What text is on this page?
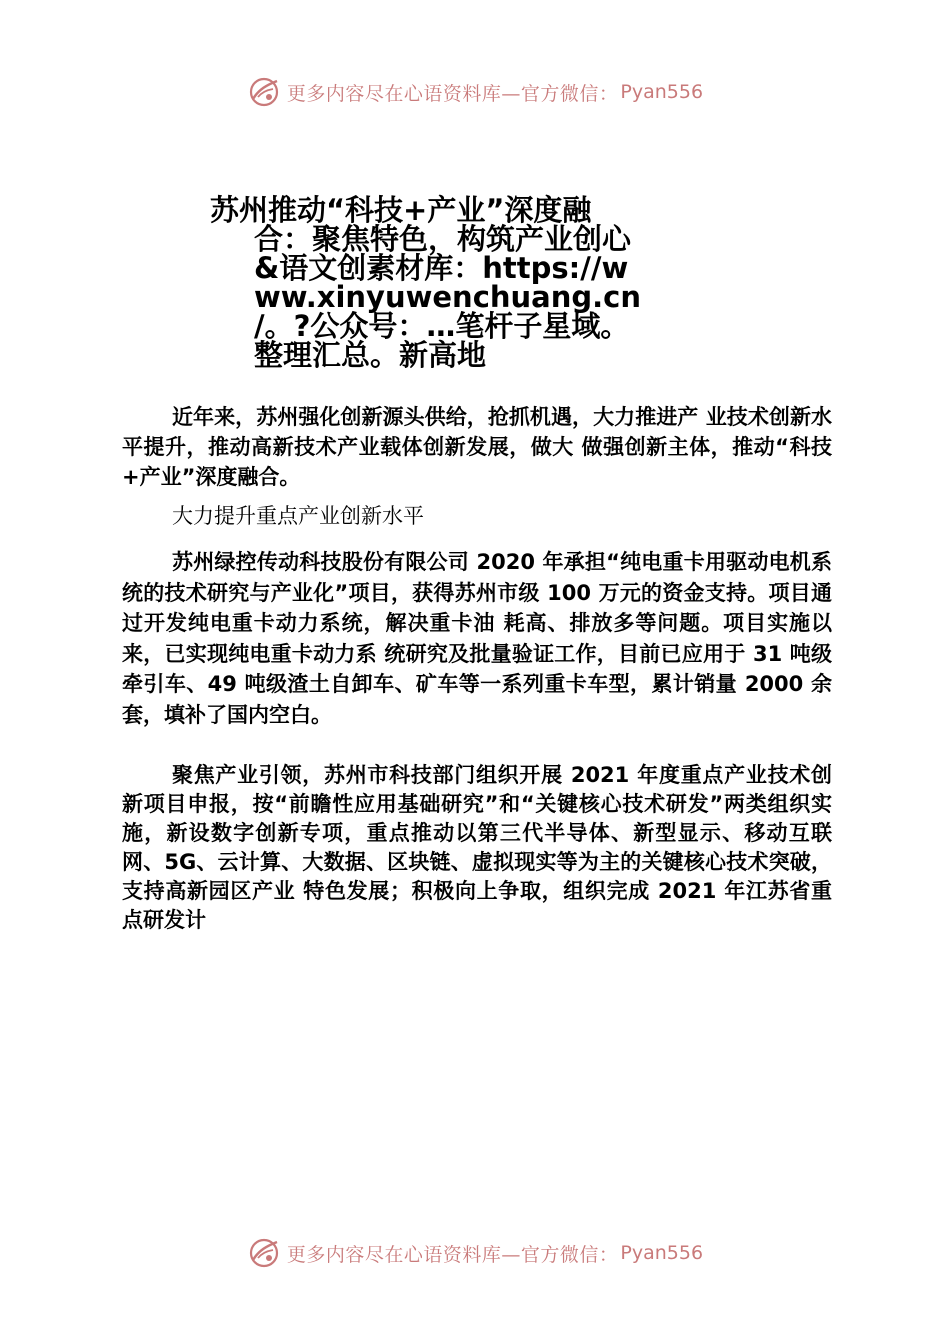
更多内容尽在心语资料库—官方微信： Pyan556
苏州推动“科技+产业”深度融
合：聚焦特色，构筑产业创心
&语文创素材库：https://w
ww.xinyuwenchuang.cn
/。?公众号：…笔杆子星域。
整理汇总。新高地

近年来，苏州强化创新源头供给，抢抓机遇，大力推进产 业技术创新水平提升，推动高新技术产业载体创新发展，做大 做强创新主体，推动“科技+产业”深度融合。

大力提升重点产业创新水平

苏州绿控传动科技股份有限公司 2020 年承担“纯电重卡用驱动电机系统的技术研究与产业化”项目，获得苏州市级 100 万元的资金支持。项目通过开发纯电重卡动力系统，解决重卡油 耗高、排放多等问题。项目实施以来，已实现纯电重卡动力系 统研究及批量验证工作，目前已应用于 31 吨级牵引车、49 吨级渣土自卸车、矿车等一系列重卡车型，累计销量 2000 余套，填补了国内空白。

聚焦产业引领，苏州市科技部门组织开展 2021 年度重点产业技术创新项目申报，按“前瞻性应用基础研究”和“关键核心技术研发”两类组织实施，新设数字创新专项，重点推动以第三代半导体、新型显示、移动互联网、5G、云计算、大数据、区块链、虚拟现实等为主的关键核心技术突破，支持高新园区产业 特色发展；积极向上争取，组织完成 2021 年江苏省重点研发计

更多内容尽在心语资料库—官方微信： Pyan556
